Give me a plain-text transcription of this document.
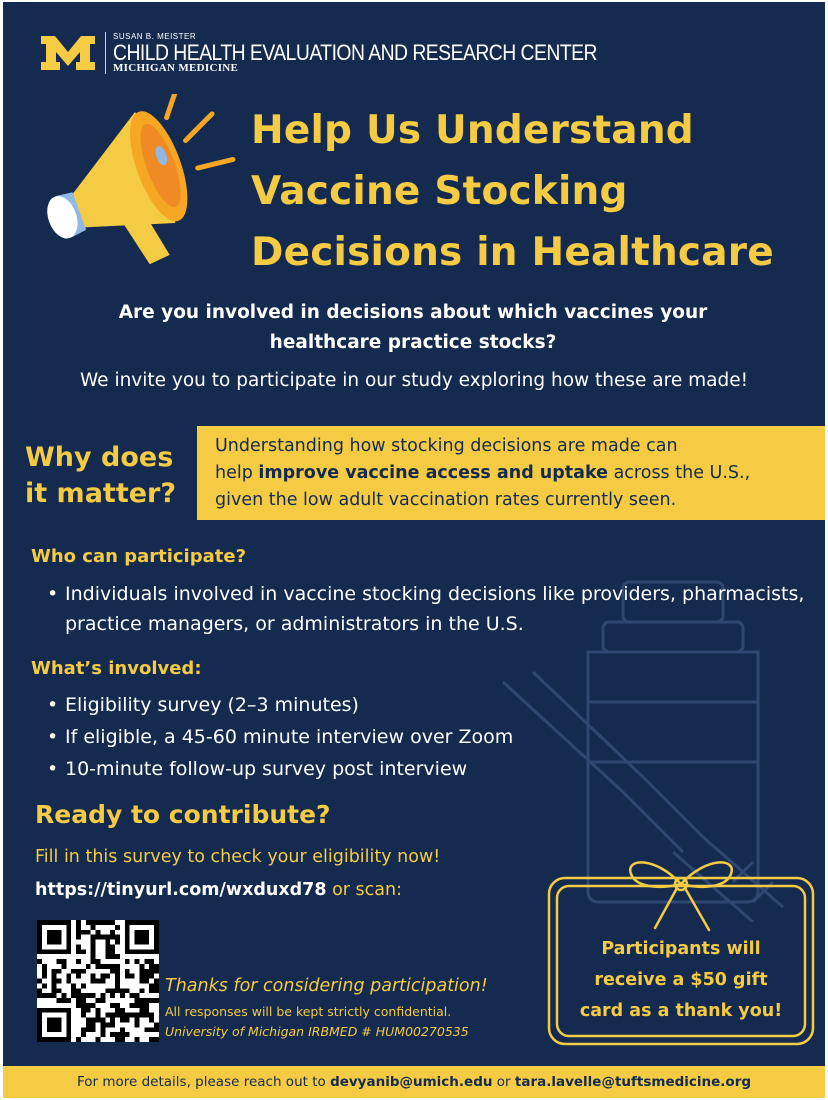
SUSAN B. MEISTER
CHILD HEALTH EVALUATION AND RESEARCH CENTER
MICHIGAN MEDICINE
Help Us Understand
Vaccine Stocking
Decisions in Healthcare
Are you involved in decisions about which vaccines your
healthcare practice stocks?
We invite you to participate in our study exploring how these are made!
Why does
it matter?
Understanding how stocking decisions are made can
help improve vaccine access and uptake across the U.S.,
given the low adult vaccination rates currently seen.
Who can participate?
• Individuals involved in vaccine stocking decisions like providers, pharmacists, practice managers, or administrators in the U.S.
What’s involved:
• Eligibility survey (2–3 minutes)
• If eligible, a 45-60 minute interview over Zoom
• 10-minute follow-up survey post interview
Ready to contribute?
Fill in this survey to check your eligibility now!
https://tinyurl.com/wxduxd78 or scan:
Thanks for considering participation!
All responses will be kept strictly confidential.
University of Michigan IRBMED # HUM00270535
Participants will
receive a $50 gift
card as a thank you!
For more details, please reach out to devyanib@umich.edu or tara.lavelle@tuftsmedicine.org
